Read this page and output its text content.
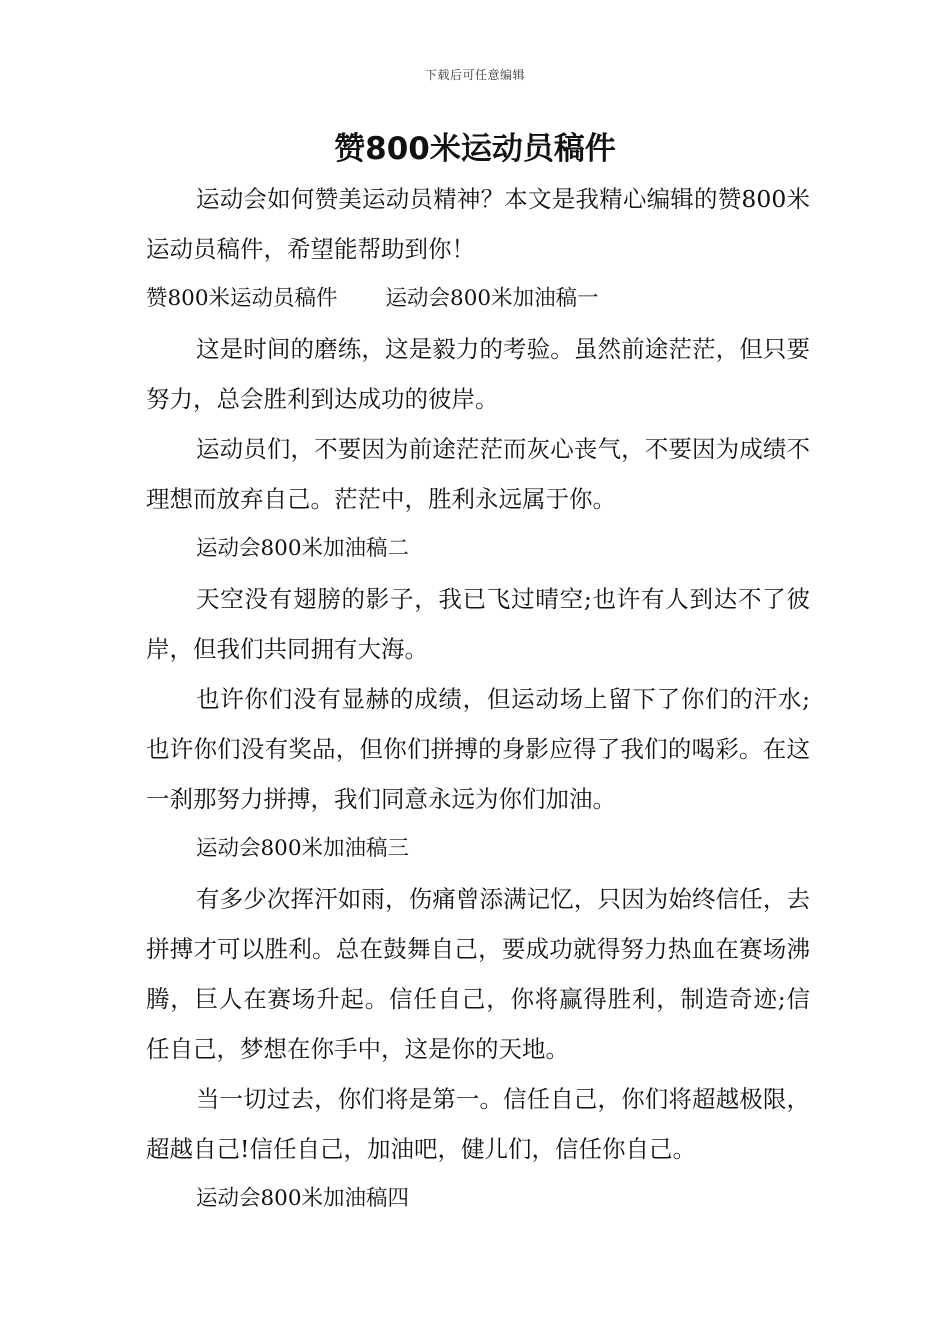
下载后可任意编辑
赞800米运动员稿件

运动会如何赞美运动员精神？本文是我精心编辑的赞800米运动员稿件，希望能帮助到你！

赞800米运动员稿件 运动会800米加油稿一

这是时间的磨练，这是毅力的考验。虽然前途茫茫，但只要努力，总会胜利到达成功的彼岸。

运动员们，不要因为前途茫茫而灰心丧气，不要因为成绩不理想而放弃自己。茫茫中，胜利永远属于你。

运动会800米加油稿二

天空没有翅膀的影子，我已飞过晴空;也许有人到达不了彼岸，但我们共同拥有大海。

也许你们没有显赫的成绩，但运动场上留下了你们的汗水;也许你们没有奖品，但你们拼搏的身影应得了我们的喝彩。在这一刹那努力拼搏，我们同意永远为你们加油。

运动会800米加油稿三

有多少次挥汗如雨，伤痛曾添满记忆，只因为始终信任，去拼搏才可以胜利。总在鼓舞自己，要成功就得努力热血在赛场沸腾，巨人在赛场升起。信任自己，你将赢得胜利，制造奇迹;信任自己，梦想在你手中，这是你的天地。

当一切过去，你们将是第一。信任自己，你们将超越极限，超越自己!信任自己，加油吧，健儿们，信任你自己。

运动会800米加油稿四
